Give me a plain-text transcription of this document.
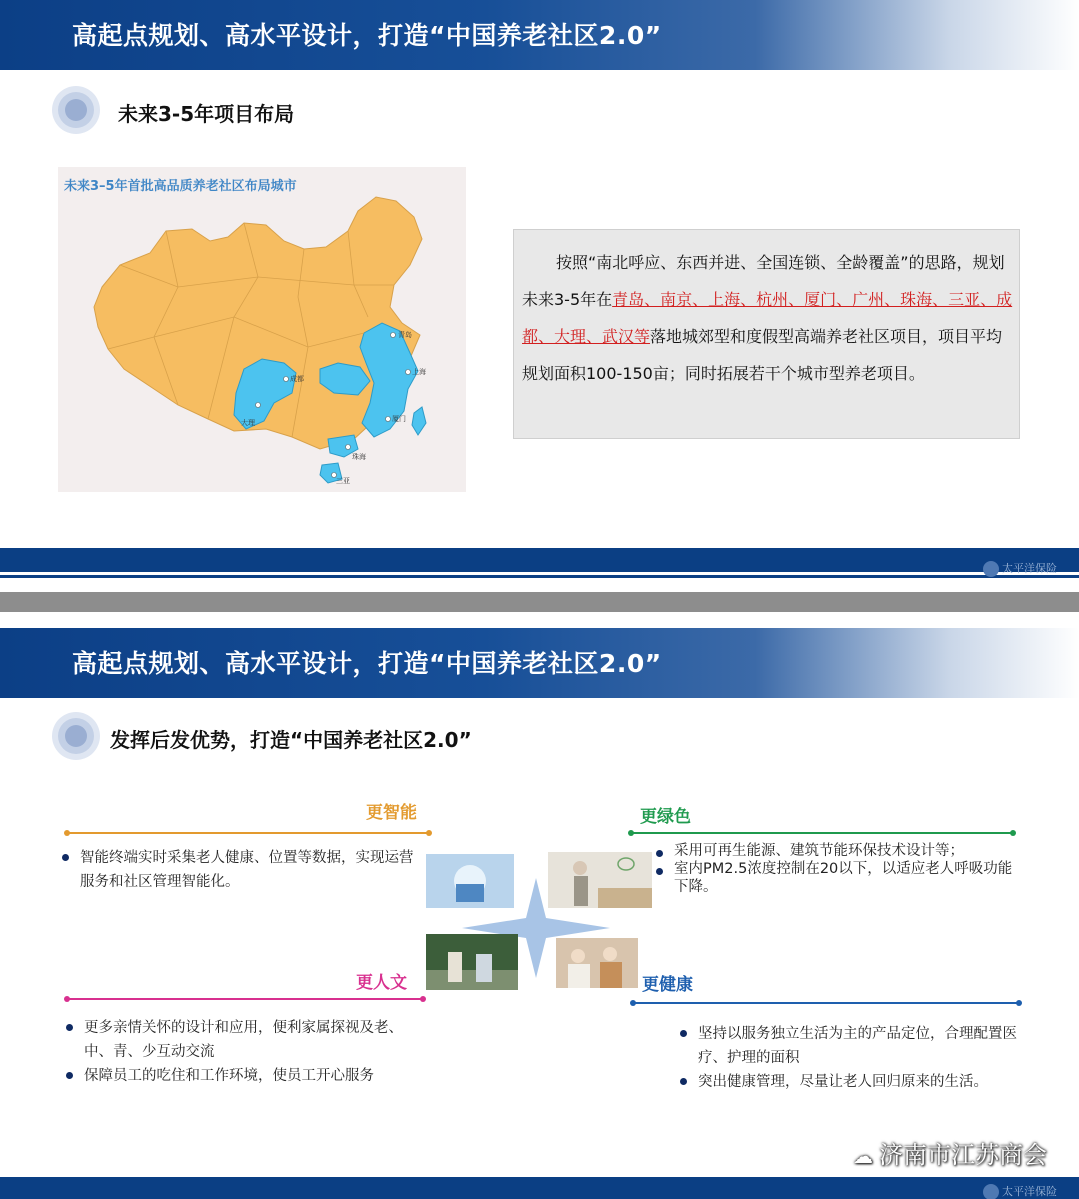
高起点规划、高水平设计，打造“中国养老社区2.0”
未来3-5年项目布局
青岛
上海
成都
大理	厦门
珠海
三亚
未来3–5年首批高品质养老社区布局城市
按照“南北呼应、东西并进、全国连锁、全龄覆盖”的思路，规划未来3-5年在青岛、南京、上海、杭州、厦门、广州、珠海、三亚、成都、大理、武汉等落地城郊型和度假型高端养老社区项目，项目平均规划面积100-150亩；同时拓展若干个城市型养老项目。
太平洋保险
高起点规划、高水平设计，打造“中国养老社区2.0”
发挥后发优势，打造“中国养老社区2.0”
更智能
智能终端实时采集老人健康、位置等数据，实现运营服务和社区管理智能化。
更绿色
采用可再生能源、建筑节能环保技术设计等；
室内PM2.5浓度控制在20以下，以适应老人呼吸功能下降。
更人文
更多亲情关怀的设计和应用，便利家属探视及老、中、青、少互动交流
保障员工的吃住和工作环境，使员工开心服务
更健康
坚持以服务独立生活为主的产品定位，合理配置医疗、护理的面积
突出健康管理，尽量让老人回归原来的生活。
太平洋保险
☁ 济南市江苏商会
